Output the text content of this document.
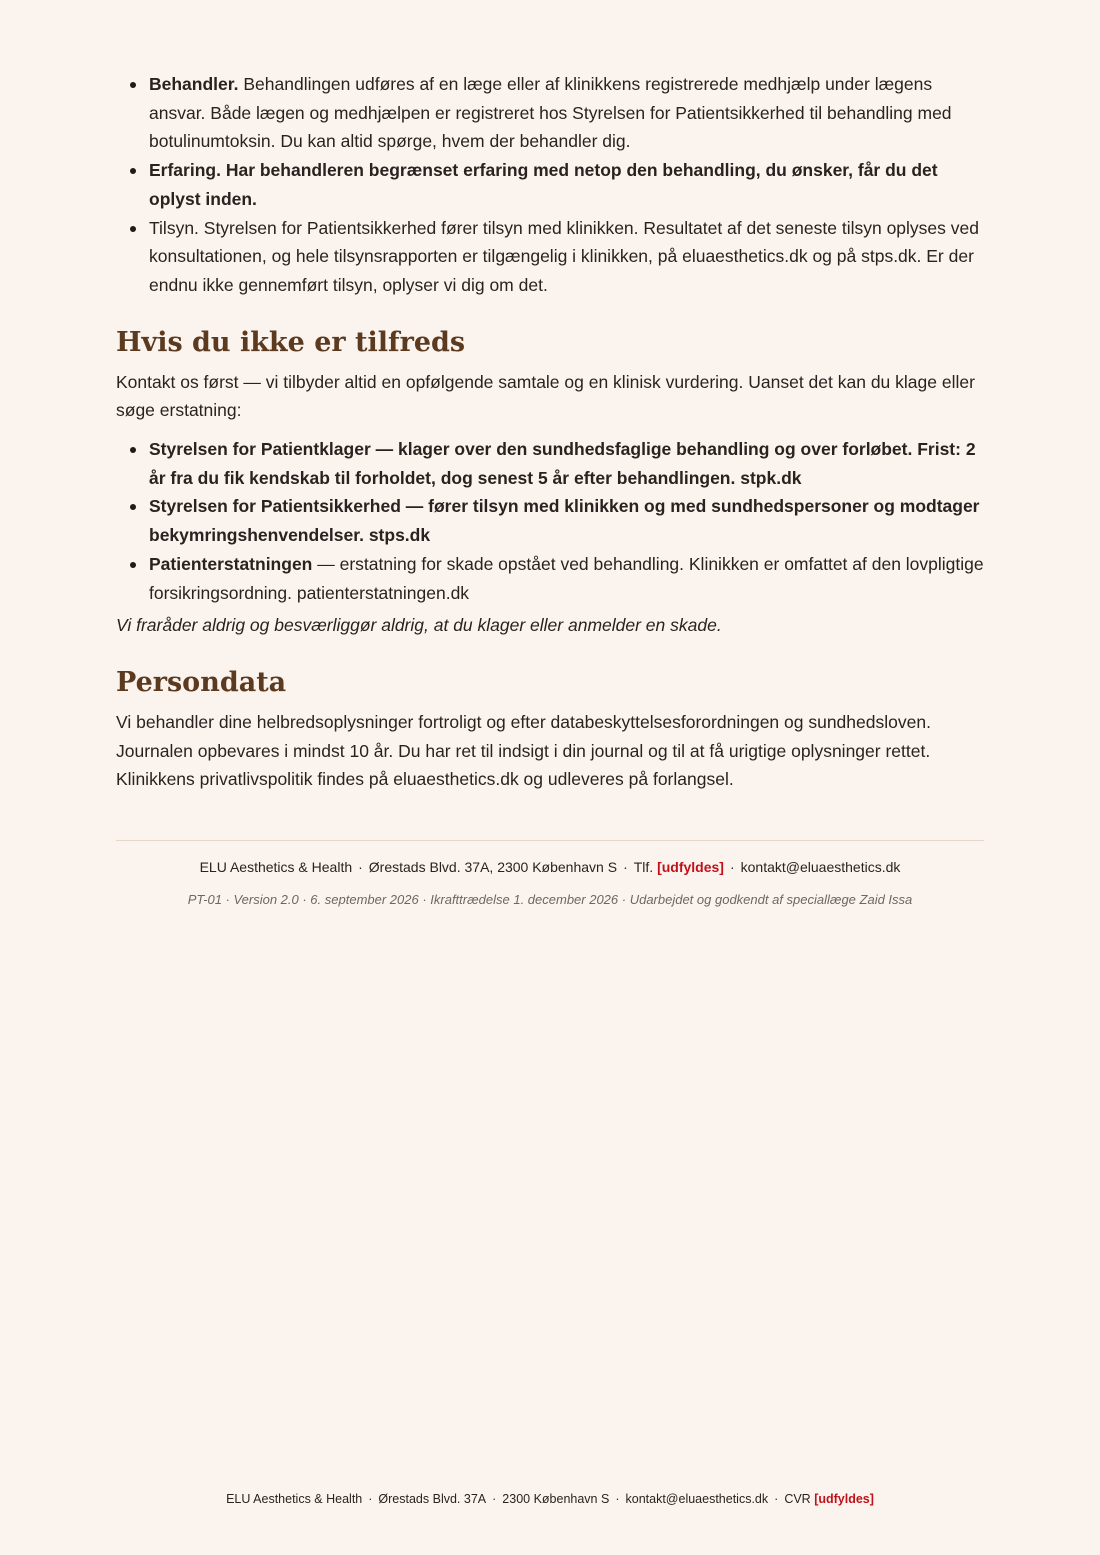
Behandler. Behandlingen udføres af en læge eller af klinikkens registrerede medhjælp under lægens ansvar. Både lægen og medhjælpen er registreret hos Styrelsen for Patientsikkerhed til behandling med botulinumtoksin. Du kan altid spørge, hvem der behandler dig.
Erfaring. Har behandleren begrænset erfaring med netop den behandling, du ønsker, får du det oplyst inden.
Tilsyn. Styrelsen for Patientsikkerhed fører tilsyn med klinikken. Resultatet af det seneste tilsyn oplyses ved konsultationen, og hele tilsynsrapporten er tilgængelig i klinikken, på eluaesthetics.dk og på stps.dk. Er der endnu ikke gennemført tilsyn, oplyser vi dig om det.
Hvis du ikke er tilfreds

Kontakt os først — vi tilbyder altid en opfølgende samtale og en klinisk vurdering. Uanset det kan du klage eller søge erstatning:

Styrelsen for Patientklager — klager over den sundhedsfaglige behandling og over forløbet. Frist: 2 år fra du fik kendskab til forholdet, dog senest 5 år efter behandlingen. stpk.dk
Styrelsen for Patientsikkerhed — fører tilsyn med klinikken og med sundhedspersoner og modtager bekymringshenvendelser. stps.dk
Patienterstatningen — erstatning for skade opstået ved behandling. Klinikken er omfattet af den lovpligtige forsikringsordning. patienterstatningen.dk

Vi fraråder aldrig og besværliggør aldrig, at du klager eller anmelder en skade.

Persondata

Vi behandler dine helbredsoplysninger fortroligt og efter databeskyttelsesforordningen og sundhedsloven. Journalen opbevares i mindst 10 år. Du har ret til indsigt i din journal og til at få urigtige oplysninger rettet. Klinikkens privatlivspolitik findes på eluaesthetics.dk og udleveres på forlangsel.

ELU Aesthetics & Health · Ørestads Blvd. 37A, 2300 København S · Tlf. [udfyldes] · kontakt@eluaesthetics.dk
PT-01 · Version 2.0 · 6. september 2026 · Ikrafttrædelse 1. december 2026 · Udarbejdet og godkendt af speciallæge Zaid Issa
ELU Aesthetics & Health · Ørestads Blvd. 37A · 2300 København S · kontakt@eluaesthetics.dk · CVR [udfyldes]
